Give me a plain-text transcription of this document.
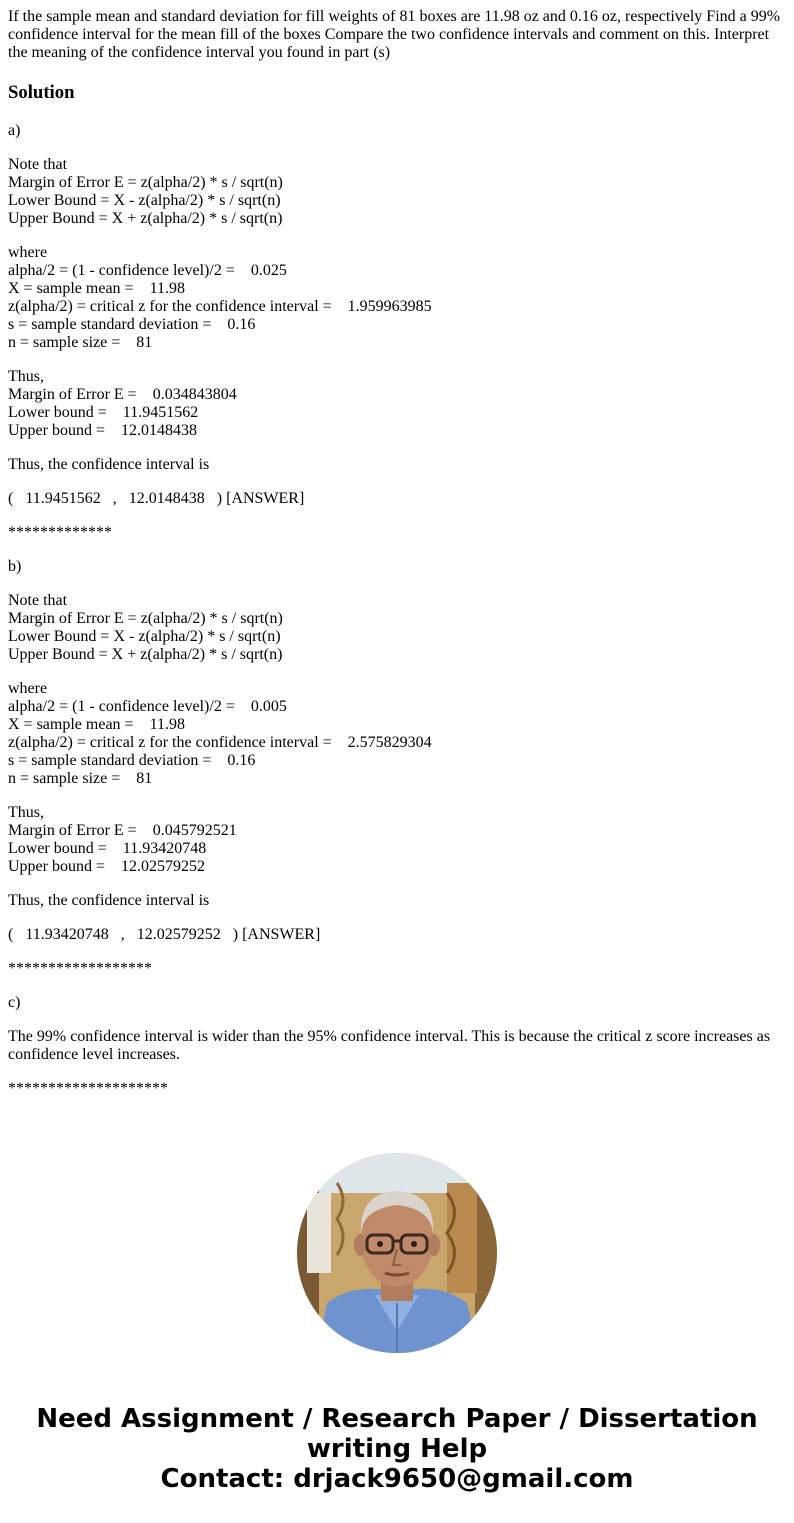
If the sample mean and standard deviation for fill weights of 81 boxes are 11.98 oz and 0.16 oz, respectively Find a 99% confidence interval for the mean fill of the boxes Compare the two confidence intervals and comment on this. Interpret the meaning of the confidence interval you found in part (s)

Solution

a)

Note that
Margin of Error E = z(alpha/2) * s / sqrt(n)
Lower Bound = X - z(alpha/2) * s / sqrt(n)
Upper Bound = X + z(alpha/2) * s / sqrt(n)

where
alpha/2 = (1 - confidence level)/2 =    0.025
X = sample mean =    11.98
z(alpha/2) = critical z for the confidence interval =    1.959963985
s = sample standard deviation =    0.16
n = sample size =    81

Thus,
Margin of Error E =    0.034843804
Lower bound =    11.9451562
Upper bound =    12.0148438

Thus, the confidence interval is

(   11.9451562   ,   12.0148438   ) [ANSWER]

*************

b)

Note that
Margin of Error E = z(alpha/2) * s / sqrt(n)
Lower Bound = X - z(alpha/2) * s / sqrt(n)
Upper Bound = X + z(alpha/2) * s / sqrt(n)

where
alpha/2 = (1 - confidence level)/2 =    0.005
X = sample mean =    11.98
z(alpha/2) = critical z for the confidence interval =    2.575829304
s = sample standard deviation =    0.16
n = sample size =    81

Thus,
Margin of Error E =    0.045792521
Lower bound =    11.93420748
Upper bound =    12.02579252

Thus, the confidence interval is

(   11.93420748   ,   12.02579252   ) [ANSWER]

******************

c)

The 99% confidence interval is wider than the 95% confidence interval. This is because the critical z score increases as confidence level increases.

********************

Need Assignment / Research Paper / Dissertation
writing Help
Contact: drjack9650@gmail.com
